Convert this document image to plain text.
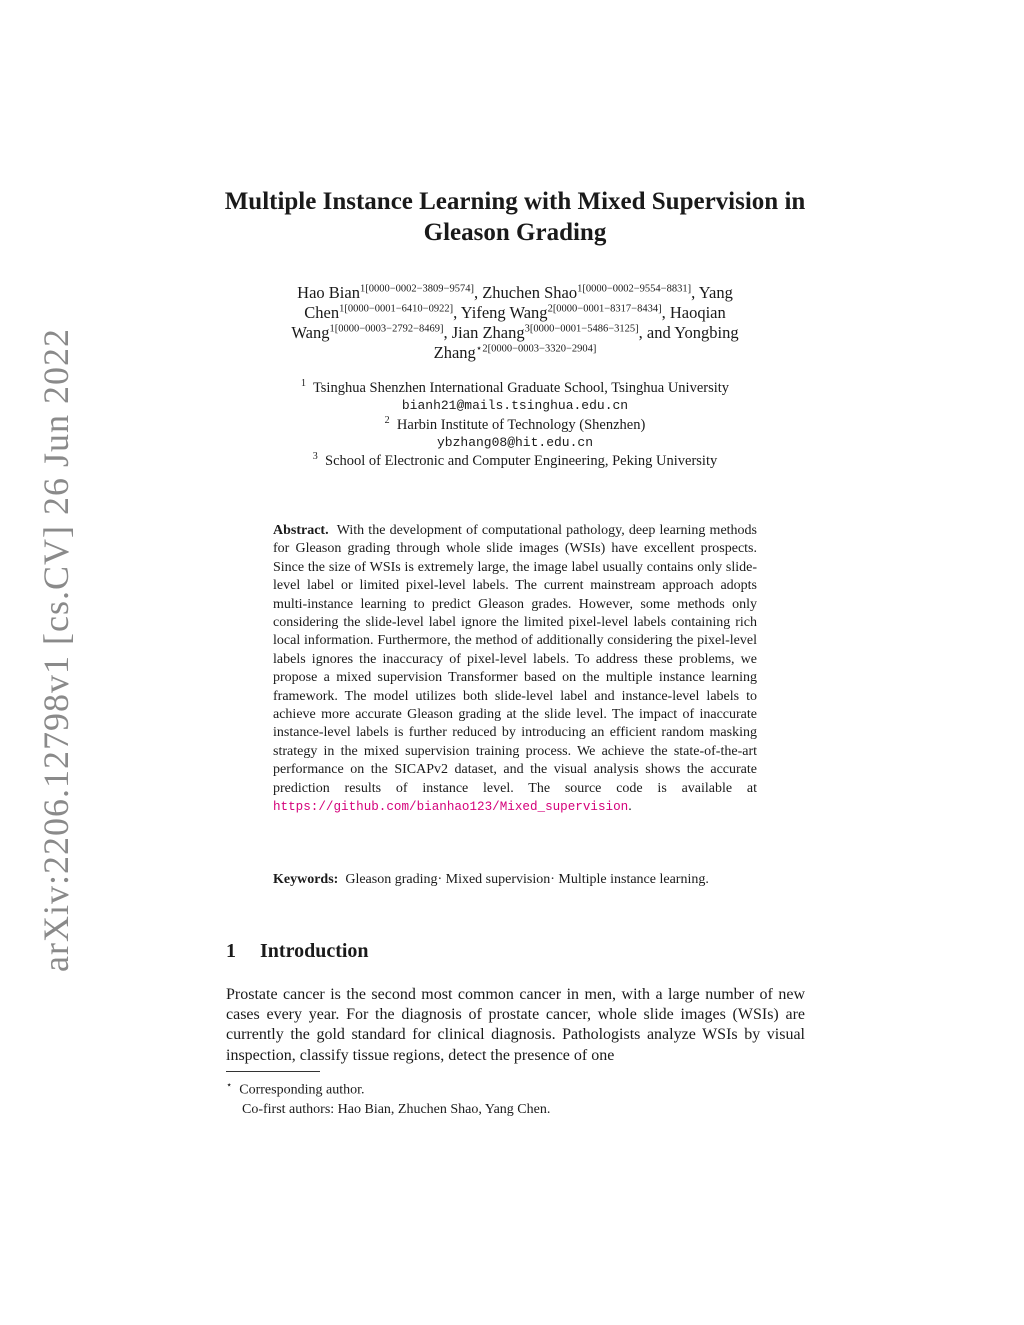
arXiv:2206.12798v1 [cs.CV] 26 Jun 2022
Multiple Instance Learning with Mixed Supervision in Gleason Grading
Hao Bian$^{1[0000-0002-3809-9574]}$, Zhuchen Shao$^{1[0000-0002-9554-8831]}$, Yang Chen$^{1[0000-0001-6410-0922]}$, Yifeng Wang$^{2[0000-0001-8317-8434]}$, Haoqian Wang$^{1[0000-0003-2792-8469]}$, Jian Zhang$^{3[0000-0001-5486-3125]}$, and Yongbing Zhang$^{⋆2[0000-0003-3320-2904]}$
$^1$ Tsinghua Shenzhen International Graduate School, Tsinghua University
bianh21@mails.tsinghua.edu.cn
$^2$ Harbin Institute of Technology (Shenzhen)
ybzhang08@hit.edu.cn
$^3$ School of Electronic and Computer Engineering, Peking University
Abstract. With the development of computational pathology, deep learning methods for Gleason grading through whole slide images (WSIs) have excellent prospects. Since the size of WSIs is extremely large, the image label usually contains only slide-level label or limited pixel-level labels. The current mainstream approach adopts multi-instance learning to predict Gleason grades. However, some methods only considering the slide-level label ignore the limited pixel-level labels containing rich local information. Furthermore, the method of additionally considering the pixel-level labels ignores the inaccuracy of pixel-level labels. To address these problems, we propose a mixed supervision Transformer based on the multiple instance learning framework. The model utilizes both slide-level label and instance-level labels to achieve more accurate Gleason grading at the slide level. The impact of inaccurate instance-level labels is further reduced by introducing an efficient random masking strategy in the mixed supervision training process. We achieve the state-of-the-art performance on the SICAPv2 dataset, and the visual analysis shows the accurate prediction results of instance level. The source code is available at https://github.com/bianhao123/Mixed_supervision.
Keywords: Gleason grading· Mixed supervision· Multiple instance learning.
1 Introduction
Prostate cancer is the second most common cancer in men, with a large number of new cases every year. For the diagnosis of prostate cancer, whole slide images (WSIs) are currently the gold standard for clinical diagnosis. Pathologists analyze WSIs by visual inspection, classify tissue regions, detect the presence of one
⋆ Corresponding author.
Co-first authors: Hao Bian, Zhuchen Shao, Yang Chen.
